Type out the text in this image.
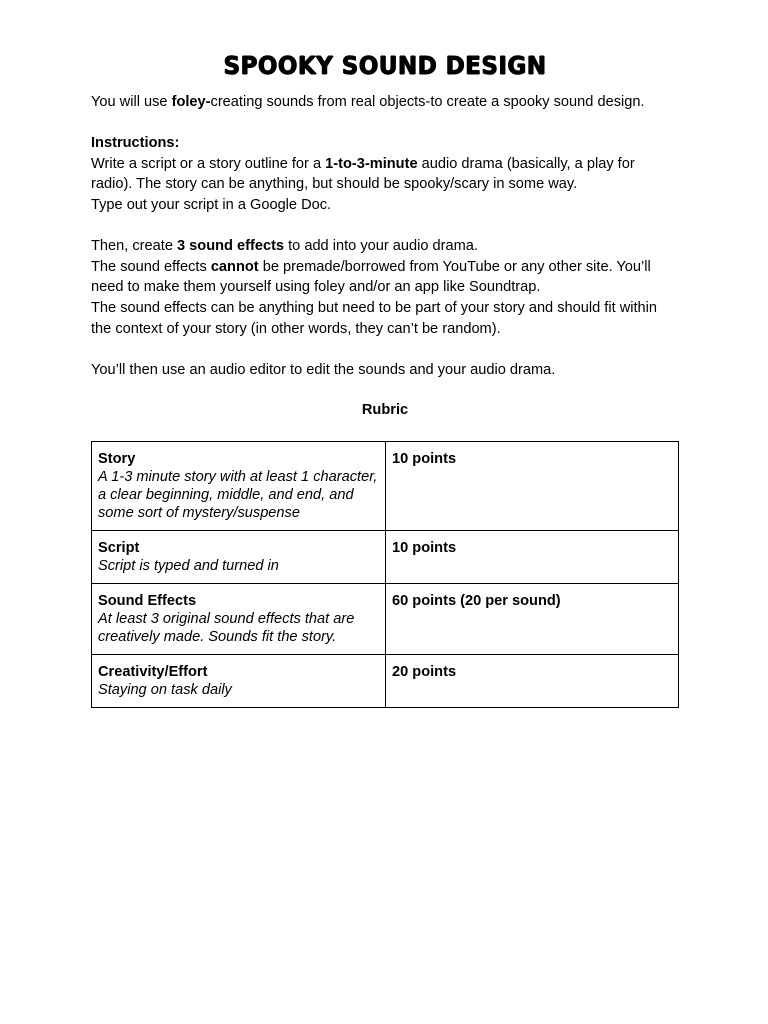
SPOOKY SOUND DESIGN

You will use foley-creating sounds from real objects-to create a spooky sound design.

Instructions:

Write a script or a story outline for a 1-to-3-minute audio drama (basically, a play for radio). The story can be anything, but should be spooky/scary in some way.

Type out your script in a Google Doc.

Then, create 3 sound effects to add into your audio drama.

The sound effects cannot be premade/borrowed from YouTube or any other site. You’ll need to make them yourself using foley and/or an app like Soundtrap.

The sound effects can be anything but need to be part of your story and should fit within the context of your story (in other words, they can’t be random).

You’ll then use an audio editor to edit the sounds and your audio drama.

Rubric
Story
A 1-3 minute story with at least 1 character, a clear beginning, middle, and end, and some sort of mystery/suspense	10 points

Script
Script is typed and turned in	10 points

Sound Effects
At least 3 original sound effects that are creatively made. Sounds fit the story.	60 points (20 per sound)

Creativity/Effort
Staying on task daily	20 points
